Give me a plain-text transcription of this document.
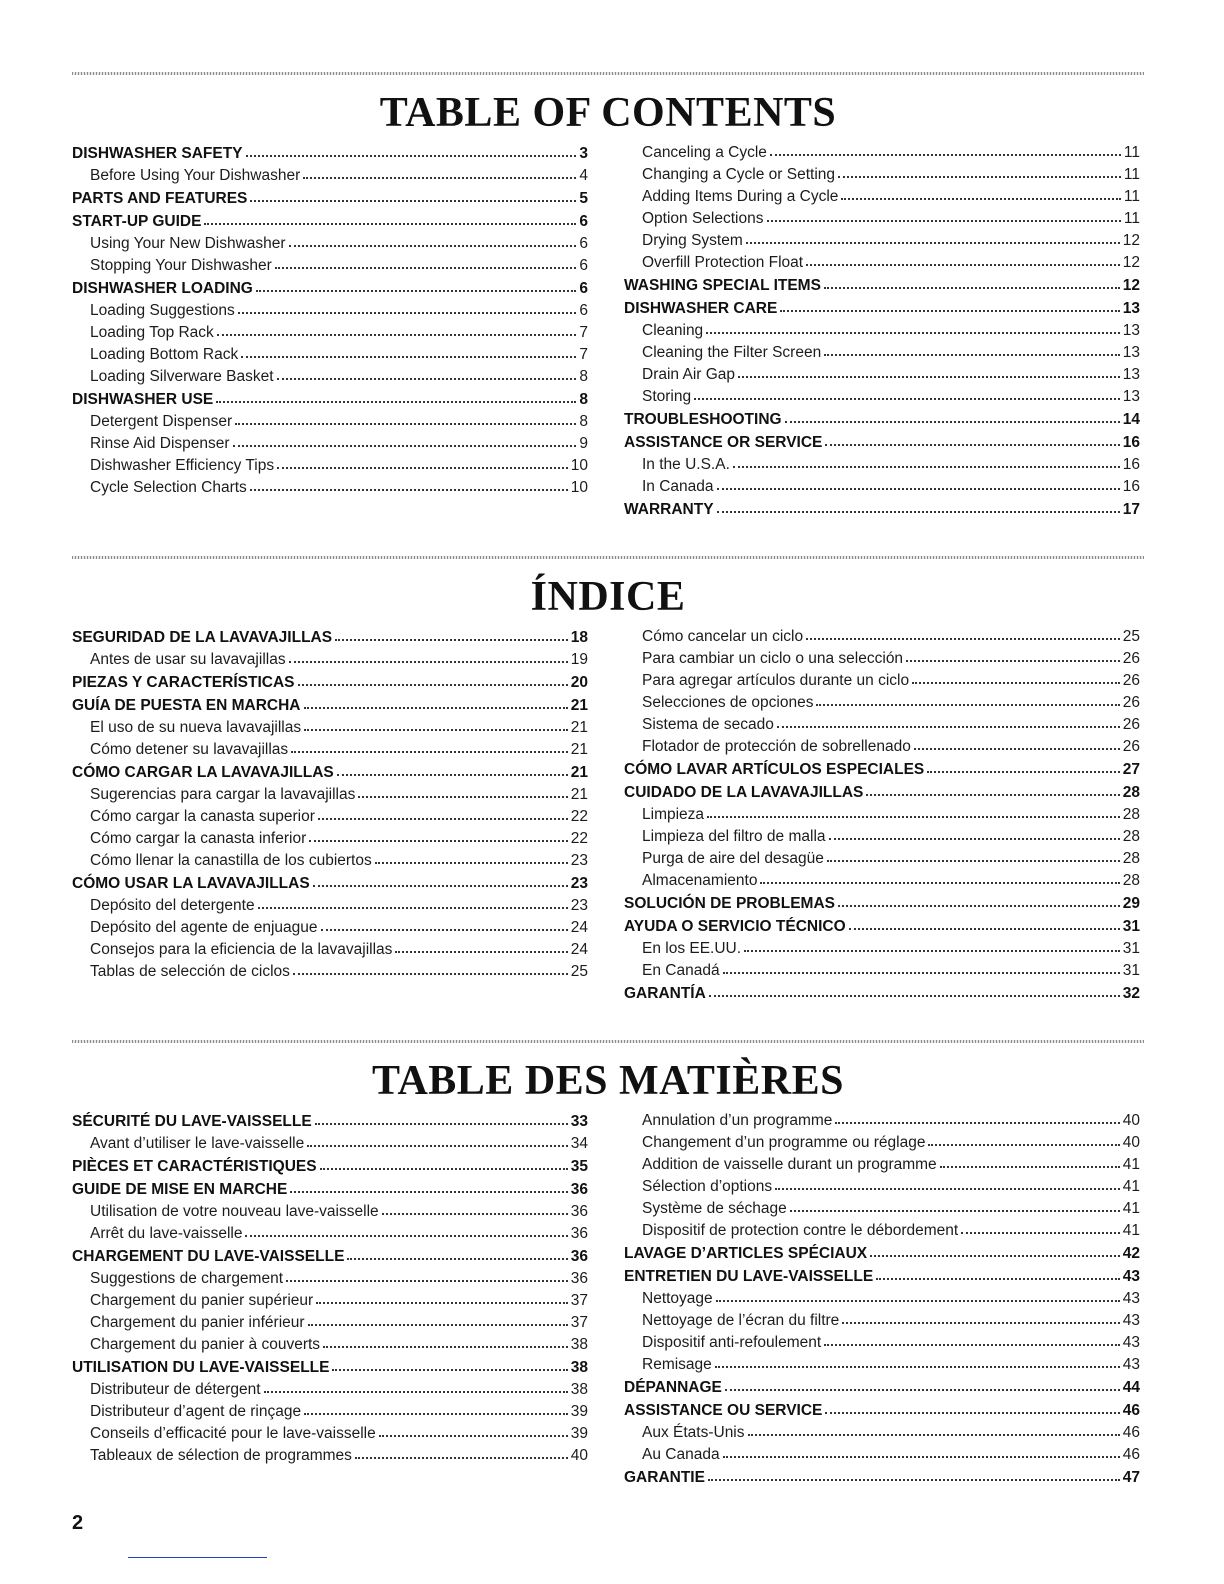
TABLE OF CONTENTS
DISHWASHER SAFETY	3
Before Using Your Dishwasher	4
PARTS AND FEATURES	5
START-UP GUIDE	6
Using Your New Dishwasher	6
Stopping Your Dishwasher	6
DISHWASHER LOADING	6
Loading Suggestions	6
Loading Top Rack	7
Loading Bottom Rack	7
Loading Silverware Basket	8
DISHWASHER USE	8
Detergent Dispenser	8
Rinse Aid Dispenser	9
Dishwasher Efficiency Tips	10
Cycle Selection Charts	10
Canceling a Cycle	11
Changing a Cycle or Setting	11
Adding Items During a Cycle	11
Option Selections	11
Drying System	12
Overfill Protection Float	12
WASHING SPECIAL ITEMS	12
DISHWASHER CARE	13
Cleaning	13
Cleaning the Filter Screen	13
Drain Air Gap	13
Storing	13
TROUBLESHOOTING	14
ASSISTANCE OR SERVICE	16
In the U.S.A.	16
In Canada	16
WARRANTY	17
ÍNDICE
SEGURIDAD DE LA LAVAVAJILLAS	18
Antes de usar su lavavajillas	19
PIEZAS Y CARACTERÍSTICAS	20
GUÍA DE PUESTA EN MARCHA	21
El uso de su nueva lavavajillas	21
Cómo detener su lavavajillas	21
CÓMO CARGAR LA LAVAVAJILLAS	21
Sugerencias para cargar la lavavajillas	21
Cómo cargar la canasta superior	22
Cómo cargar la canasta inferior	22
Cómo llenar la canastilla de los cubiertos	23
CÓMO USAR LA LAVAVAJILLAS	23
Depósito del detergente	23
Depósito del agente de enjuague	24
Consejos para la eficiencia de la lavavajillas	24
Tablas de selección de ciclos	25
Cómo cancelar un ciclo	25
Para cambiar un ciclo o una selección	26
Para agregar artículos durante un ciclo	26
Selecciones de opciones	26
Sistema de secado	26
Flotador de protección de sobrellenado	26
CÓMO LAVAR ARTÍCULOS ESPECIALES	27
CUIDADO DE LA LAVAVAJILLAS	28
Limpieza	28
Limpieza del filtro de malla	28
Purga de aire del desagüe	28
Almacenamiento	28
SOLUCIÓN DE PROBLEMAS	29
AYUDA O SERVICIO TÉCNICO	31
En los EE.UU.	31
En Canadá	31
GARANTÍA	32
TABLE DES MATIÈRES
SÉCURITÉ DU LAVE-VAISSELLE	33
Avant d’utiliser le lave-vaisselle	34
PIÈCES ET CARACTÉRISTIQUES	35
GUIDE DE MISE EN MARCHE	36
Utilisation de votre nouveau lave-vaisselle	36
Arrêt du lave-vaisselle	36
CHARGEMENT DU LAVE-VAISSELLE	36
Suggestions de chargement	36
Chargement du panier supérieur	37
Chargement du panier inférieur	37
Chargement du panier à couverts	38
UTILISATION DU LAVE-VAISSELLE	38
Distributeur de détergent	38
Distributeur d’agent de rinçage	39
Conseils d’efficacité pour le lave-vaisselle	39
Tableaux de sélection de programmes	40
Annulation d’un programme	40
Changement d’un programme ou réglage	40
Addition de vaisselle durant un programme	41
Sélection d’options	41
Système de séchage	41
Dispositif de protection contre le débordement	41
LAVAGE D’ARTICLES SPÉCIAUX	42
ENTRETIEN DU LAVE-VAISSELLE	43
Nettoyage	43
Nettoyage de l’écran du filtre	43
Dispositif anti-refoulement	43
Remisage	43
DÉPANNAGE	44
ASSISTANCE OU SERVICE	46
Aux États-Unis	46
Au Canada	46
GARANTIE	47
2
